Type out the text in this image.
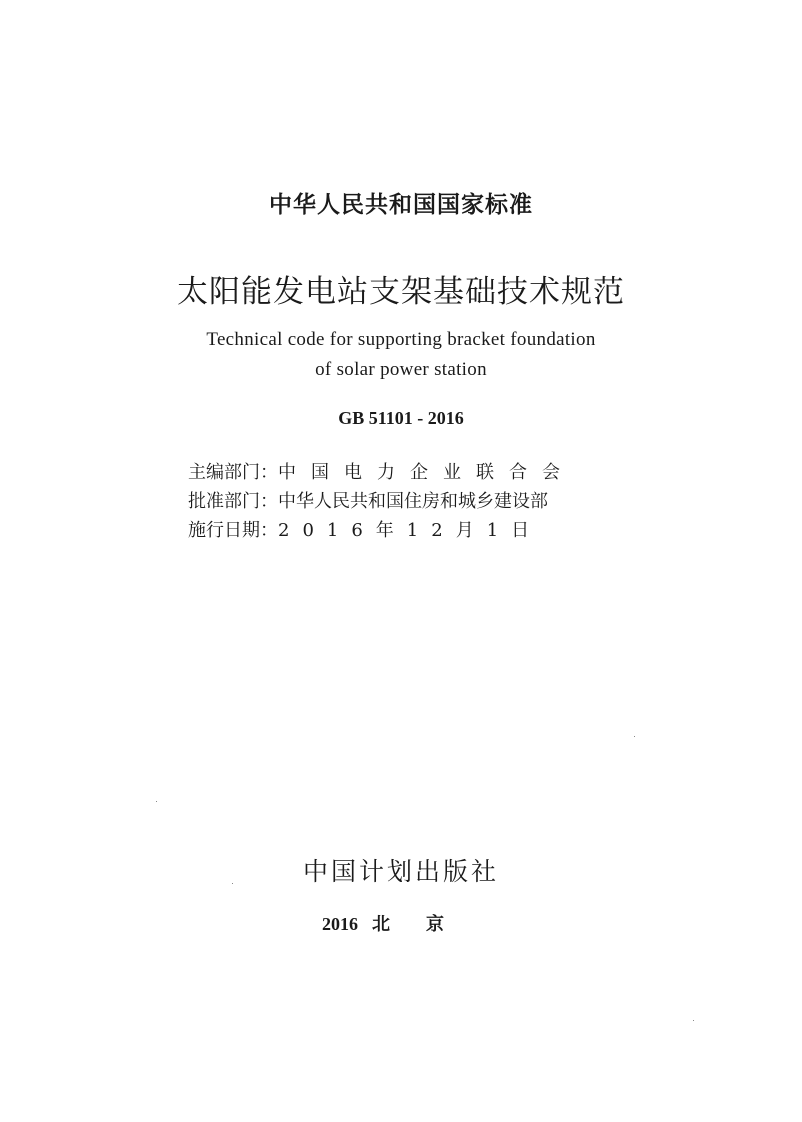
中华人民共和国国家标准
太阳能发电站支架基础技术规范
Technical code for supporting bracket foundation
of solar power station
GB 51101 - 2016
主编部门：中国电力企业联合会
批准部门：中华人民共和国住房和城乡建设部
施行日期：2016年12月1日
中国计划出版社
2016 北京
